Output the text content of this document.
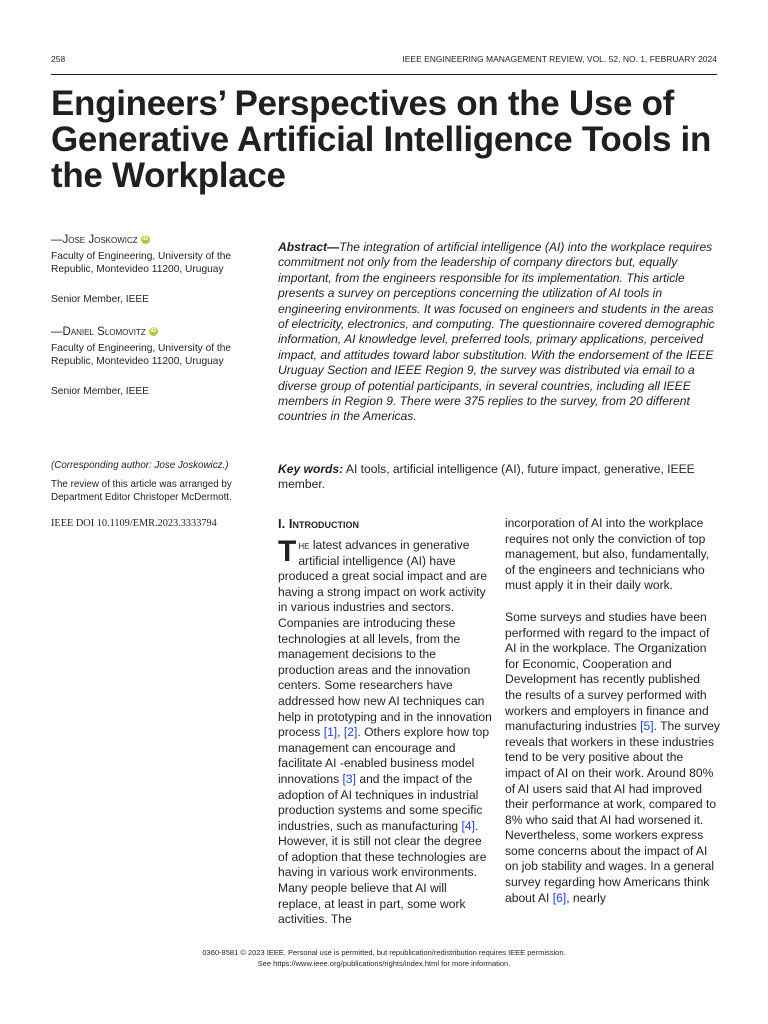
258	IEEE ENGINEERING MANAGEMENT REVIEW, VOL. 52, NO. 1, FEBRUARY 2024
Engineers’ Perspectives on the Use of Generative Artificial Intelligence Tools in the Workplace
—Jose Joskowicz iD

Faculty of Engineering, University of the Republic, Montevideo 11200, Uruguay

Senior Member, IEEE

—Daniel Slomovitz iD

Faculty of Engineering, University of the Republic, Montevideo 11200, Uruguay

Senior Member, IEEE

(Corresponding author: Jose Joskowicz.)
The review of this article was arranged by Department Editor Christoper McDermott.
IEEE DOI 10.1109/EMR.2023.3333794

Abstract—The integration of artificial intelligence (AI) into the workplace requires commitment not only from the leadership of company directors but, equally important, from the engineers responsible for its implementation. This article presents a survey on perceptions concerning the utilization of AI tools in engineering environments. It was focused on engineers and students in the areas of electricity, electronics, and computing. The questionnaire covered demographic information, AI knowledge level, preferred tools, primary applications, perceived impact, and attitudes toward labor substitution. With the endorsement of the IEEE Uruguay Section and IEEE Region 9, the survey was distributed via email to a diverse group of potential participants, in several countries, including all IEEE members in Region 9. There were 375 replies to the survey, from 20 different countries in the Americas.

Key words: AI tools, artificial intelligence (AI), future impact, generative, IEEE member.

I. Introduction

The latest advances in generative artificial intelligence (AI) have produced a great social impact and are having a strong impact on work activity in various industries and sectors. Companies are introducing these technologies at all levels, from the management decisions to the production areas and the innovation centers. Some researchers have addressed how new AI techniques can help in prototyping and in the innovation process [1], [2]. Others explore how top management can encourage and facilitate AI -enabled business model innovations [3] and the impact of the adoption of AI techniques in industrial production systems and some specific industries, such as manufacturing [4]. However, it is still not clear the degree of adoption that these technologies are having in various work environments. Many people believe that AI will replace, at least in part, some work activities. The

incorporation of AI into the workplace requires not only the conviction of top management, but also, fundamentally, of the engineers and technicians who must apply it in their daily work.

Some surveys and studies have been performed with regard to the impact of AI in the workplace. The Organization for Economic, Cooperation and Development has recently published the results of a survey performed with workers and employers in finance and manufacturing industries [5]. The survey reveals that workers in these industries tend to be very positive about the impact of AI on their work. Around 80% of AI users said that AI had improved their performance at work, compared to 8% who said that AI had worsened it. Nevertheless, some workers express some concerns about the impact of AI on job stability and wages. In a general survey regarding how Americans think about AI [6], nearly

0360-8581 © 2023 IEEE. Personal use is permitted, but republication/redistribution requires IEEE permission.
See https://www.ieee.org/publications/rights/index.html for more information.
